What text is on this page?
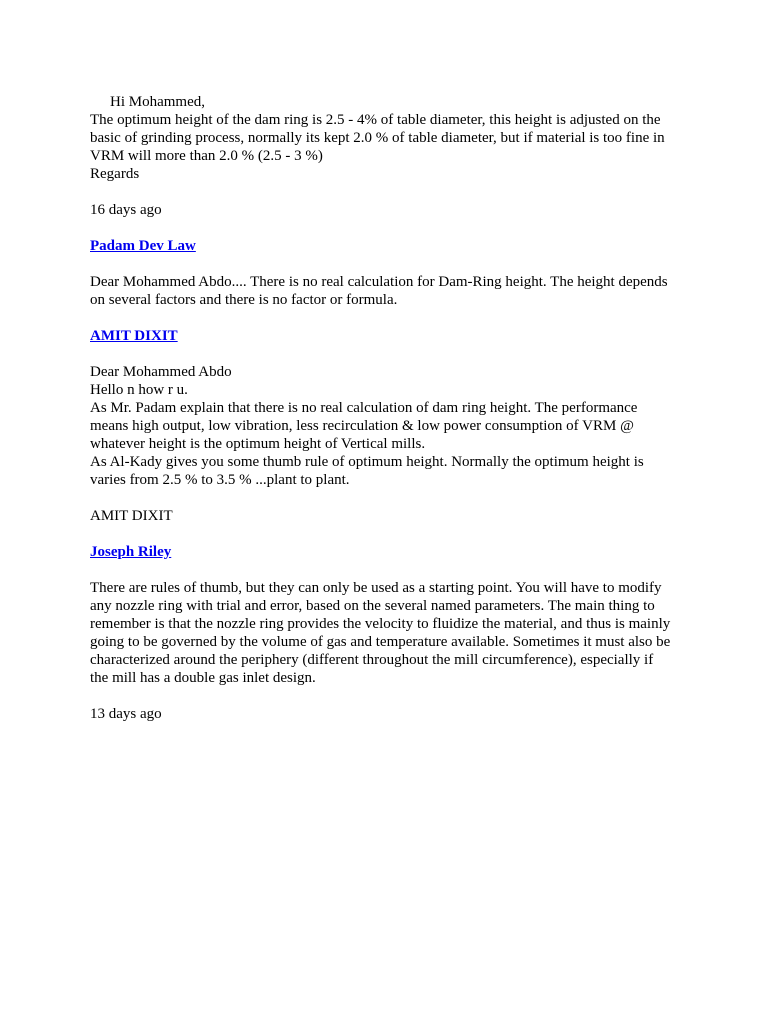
Hi Mohammed,
The optimum height of the dam ring is 2.5 - 4% of table diameter, this height is adjusted on the
basic of grinding process, normally its kept 2.0 % of table diameter, but if material is too fine in
VRM will more than 2.0 % (2.5 - 3 %)
Regards
16 days ago
Padam Dev Law
Dear Mohammed Abdo.... There is no real calculation for Dam-Ring height. The height depends
on several factors and there is no factor or formula.
AMIT DIXIT
Dear Mohammed Abdo
Hello n how r u.
As Mr. Padam explain that there is no real calculation of dam ring height. The performance
means high output, low vibration, less recirculation & low power consumption of VRM @
whatever height is the optimum height of Vertical mills.
As Al-Kady gives you some thumb rule of optimum height. Normally the optimum height is
varies from 2.5 % to 3.5 % ...plant to plant.
AMIT DIXIT
Joseph Riley
There are rules of thumb, but they can only be used as a starting point. You will have to modify
any nozzle ring with trial and error, based on the several named parameters. The main thing to
remember is that the nozzle ring provides the velocity to fluidize the material, and thus is mainly
going to be governed by the volume of gas and temperature available. Sometimes it must also be
characterized around the periphery (different throughout the mill circumference), especially if
the mill has a double gas inlet design.
13 days ago
